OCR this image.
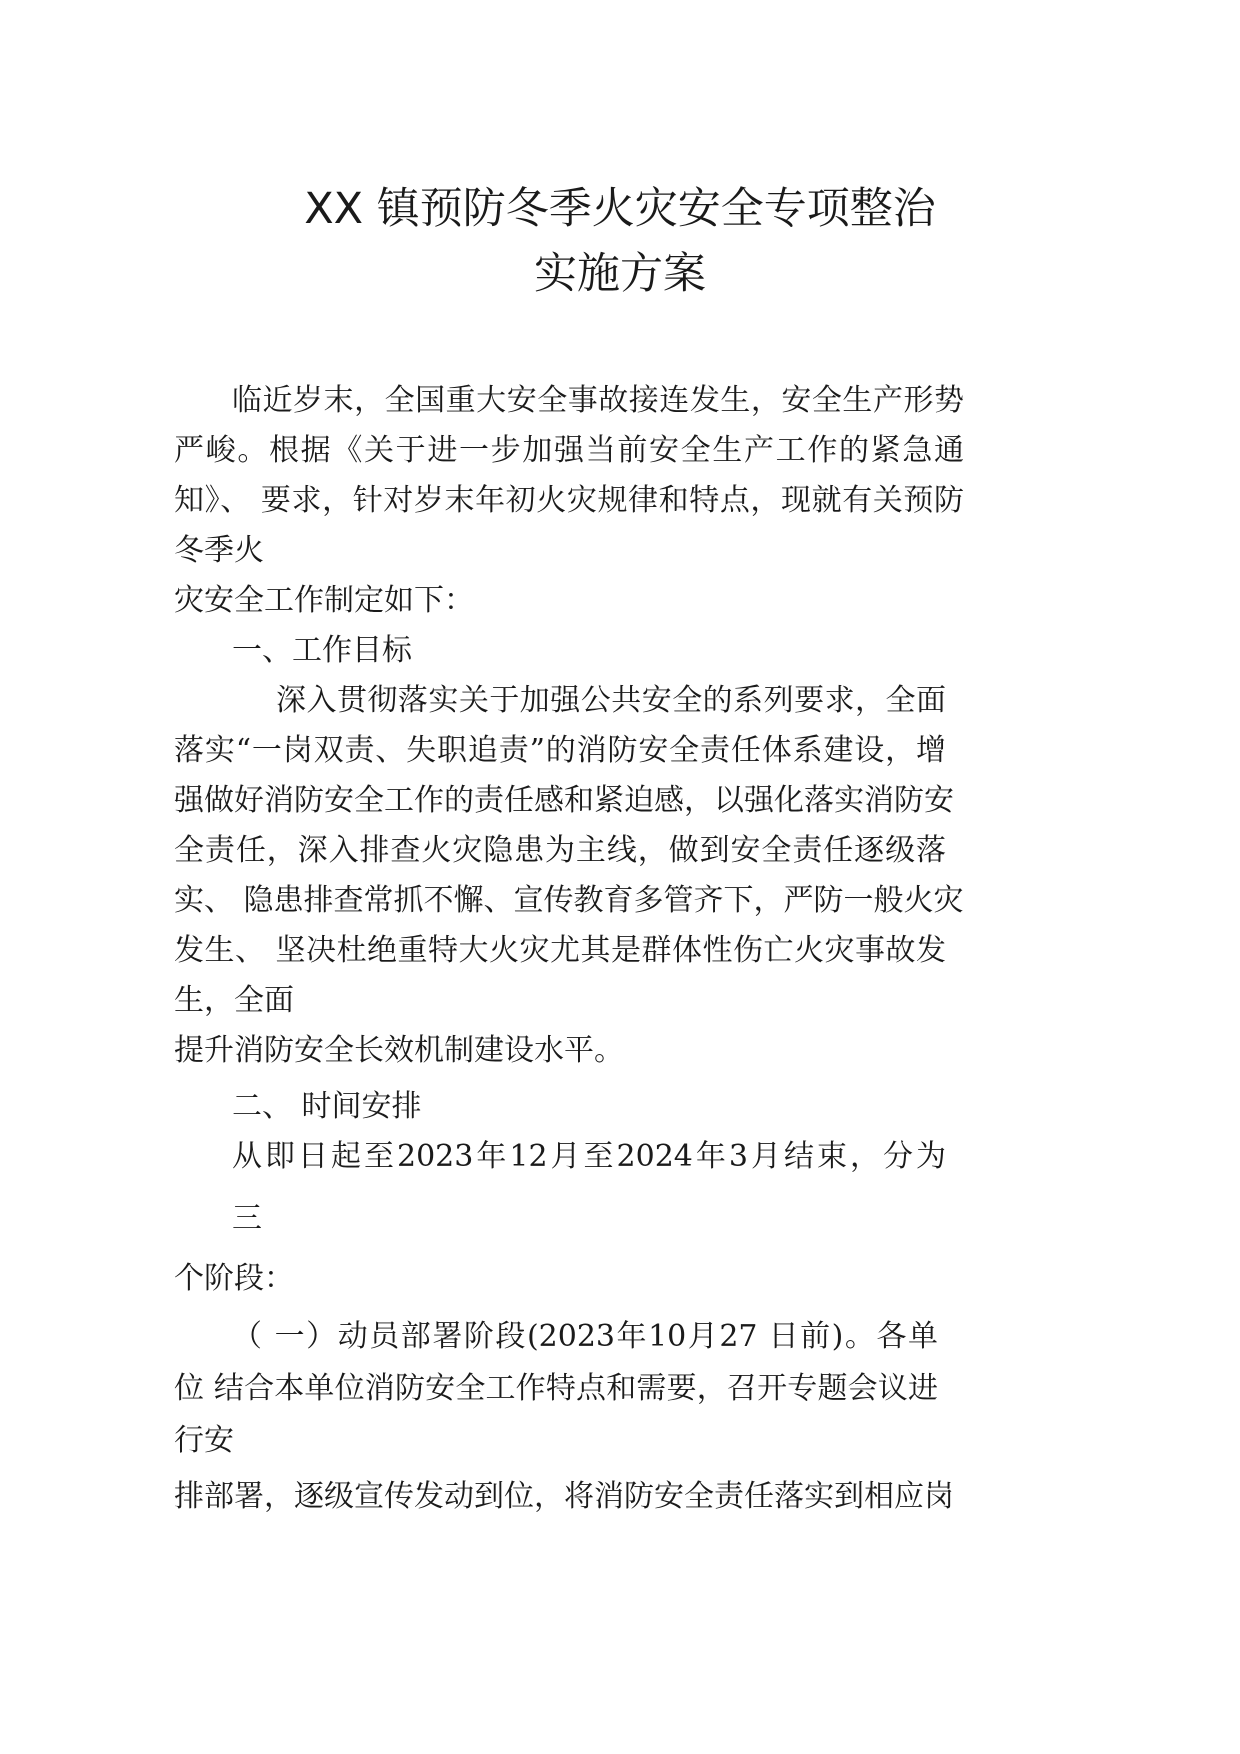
XX 镇预防冬季火灾安全专项整治
实施方案

临近岁末，全国重大安全事故接连发生，安全生产形势

严峻。根据《关于进一步加强当前安全生产工作的紧急通

知》、 要求，针对岁末年初火灾规律和特点，现就有关预防

冬季火

灾安全工作制定如下：

一、工作目标

深入贯彻落实关于加强公共安全的系列要求，全面

落实“一岗双责、失职追责”的消防安全责任体系建设，增

强做好消防安全工作的责任感和紧迫感，以强化落实消防安

全责任，深入排查火灾隐患为主线，做到安全责任逐级落

实、 隐患排查常抓不懈、宣传教育多管齐下，严防一般火灾

发生、 坚决杜绝重特大火灾尤其是群体性伤亡火灾事故发

生，全面

提升消防安全长效机制建设水平。

二、 时间安排

从即日起至2023年12月至2024年3月结束，分为

三

个阶段：

（ 一）动员部署阶段(2023年10月27 日前)。各单

位 结合本单位消防安全工作特点和需要，召开专题会议进

行安

排部署，逐级宣传发动到位，将消防安全责任落实到相应岗
